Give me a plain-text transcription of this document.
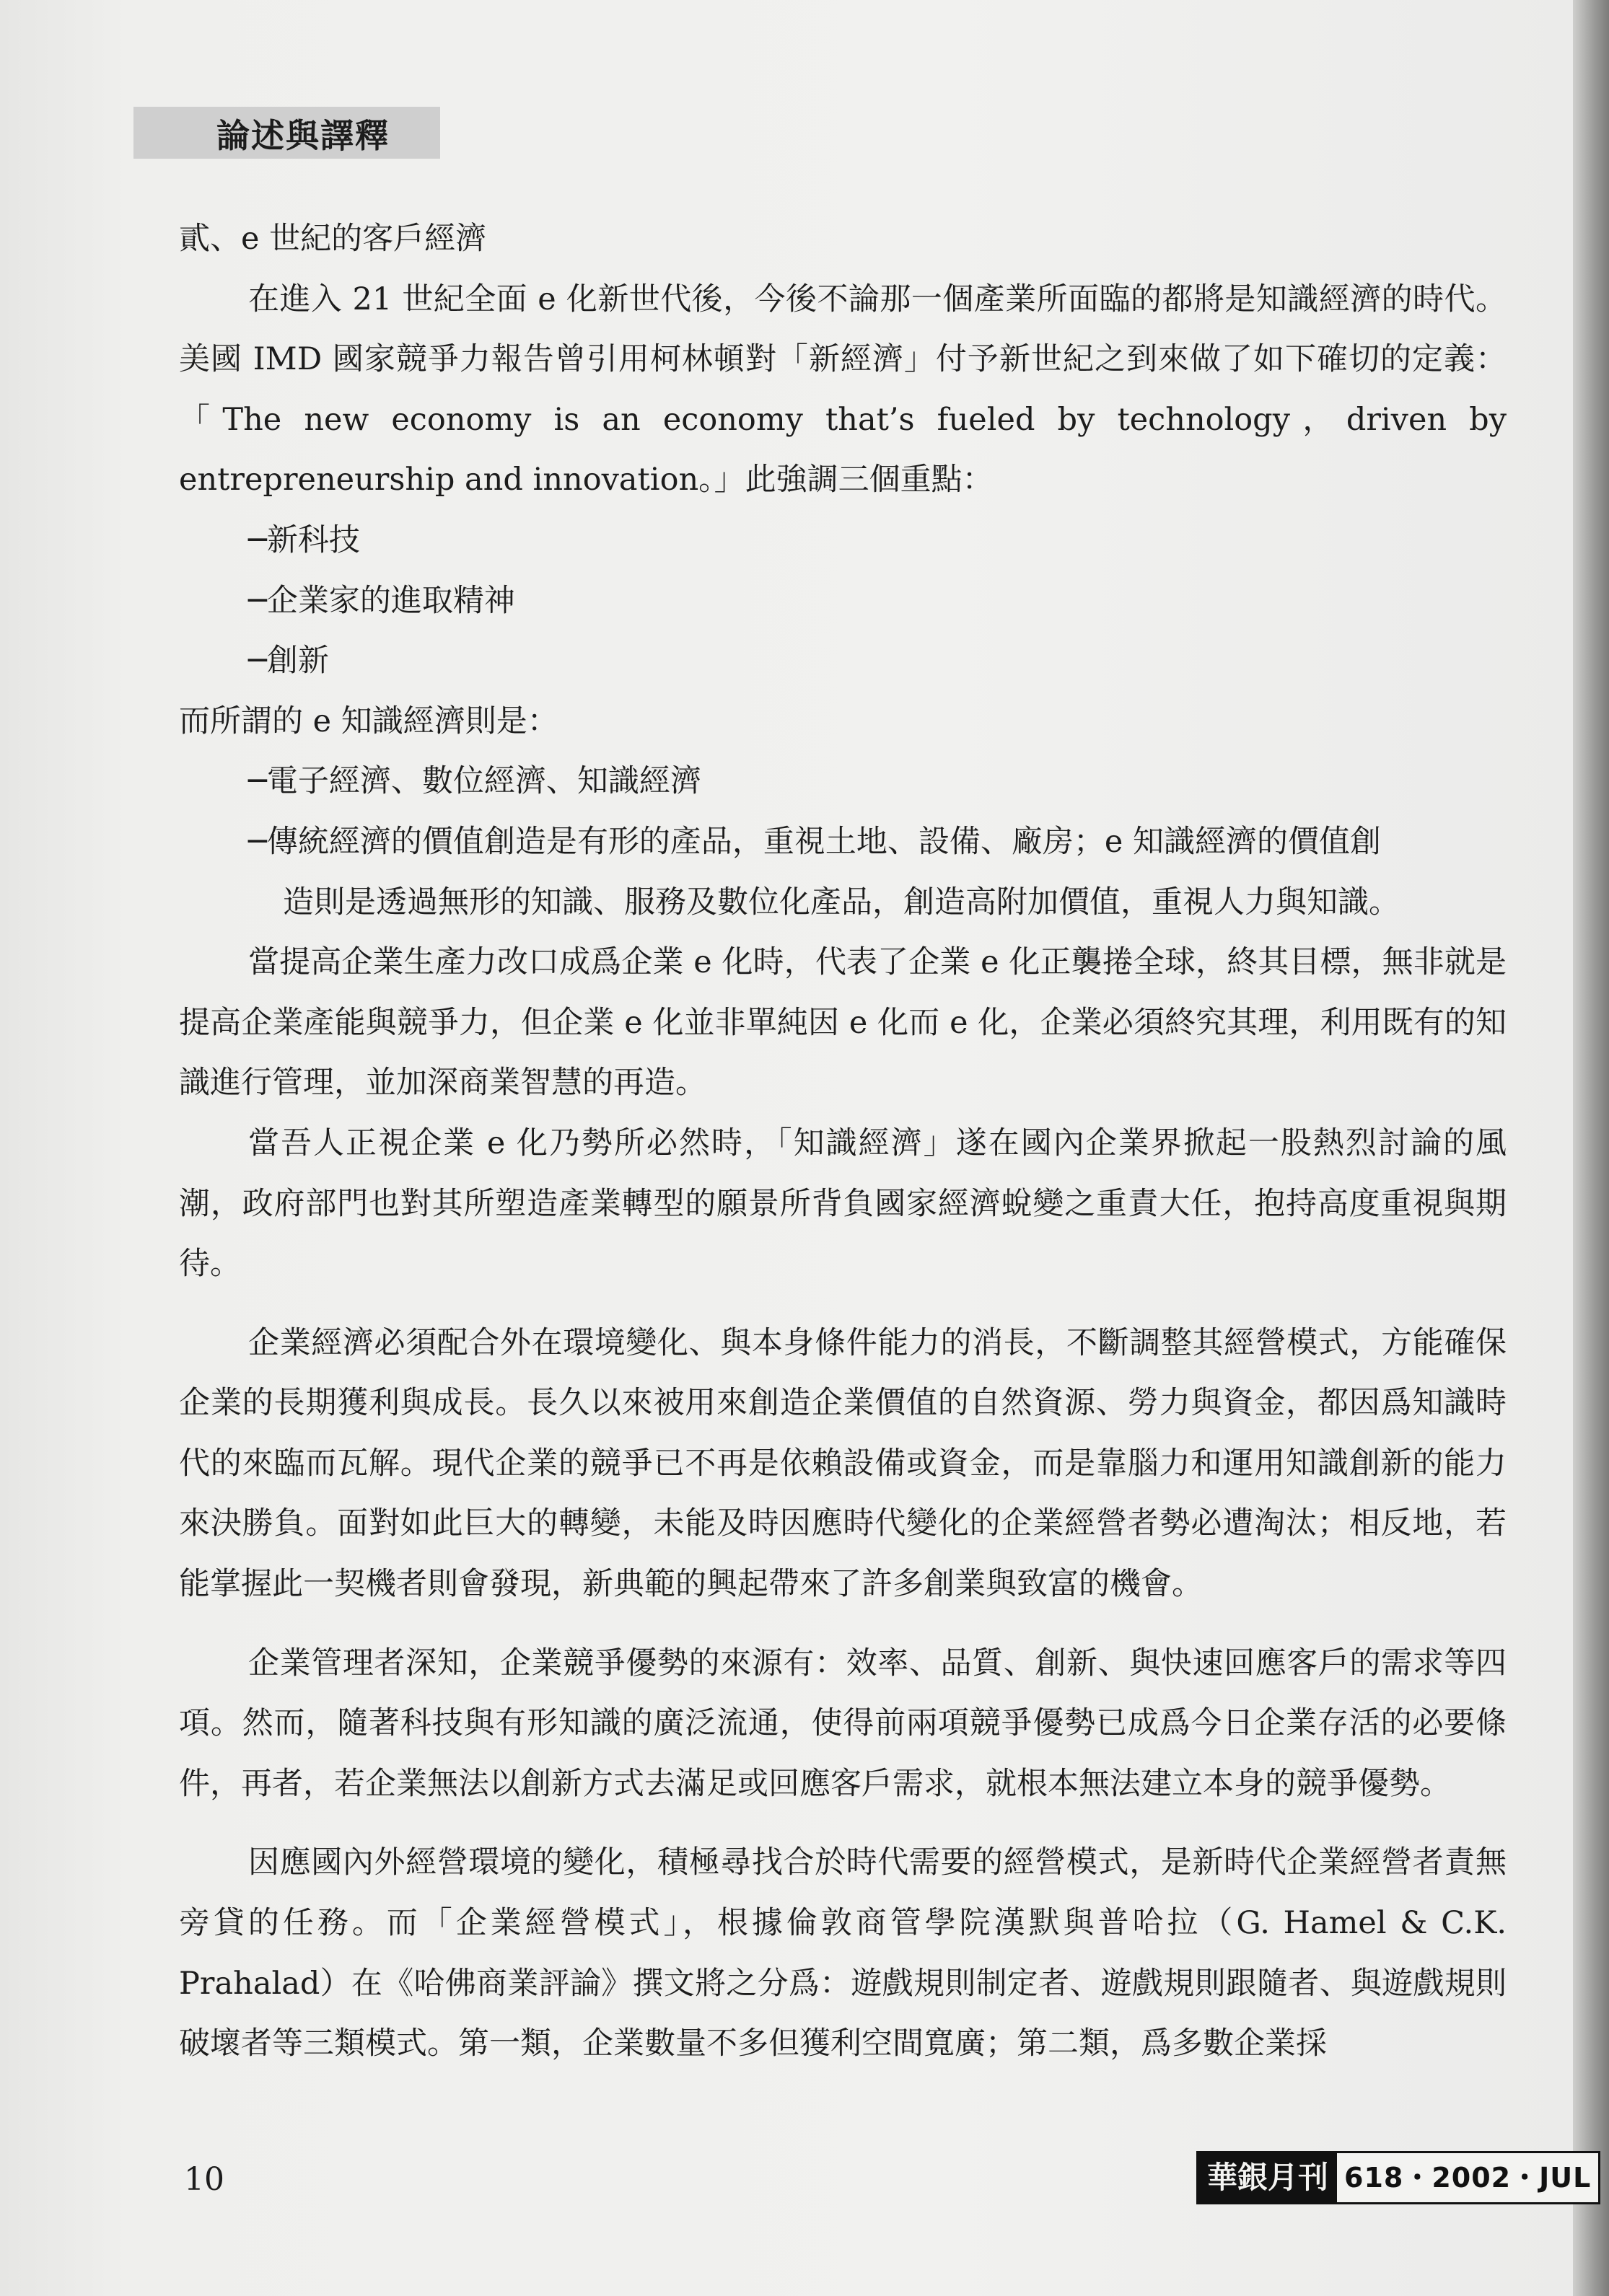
論述與譯釋

貳、e 世紀的客戶經濟

在進入 21 世紀全面 e 化新世代後，今後不論那一個產業所面臨的都將是知識經濟的時代。美國 IMD 國家競爭力報告曾引用柯林頓對「新經濟」付予新世紀之到來做了如下確切的定義：「The new economy is an economy that’s fueled by technology，driven by entrepreneurship and innovation。」此強調三個重點：

─新科技

─企業家的進取精神

─創新

而所謂的 e 知識經濟則是：

─電子經濟、數位經濟、知識經濟

─傳統經濟的價值創造是有形的產品，重視土地、設備、廠房；e 知識經濟的價值創
造則是透過無形的知識、服務及數位化產品，創造高附加價值，重視人力與知識。

當提高企業生產力改口成爲企業 e 化時，代表了企業 e 化正襲捲全球，終其目標，無非就是提高企業產能與競爭力，但企業 e 化並非單純因 e 化而 e 化，企業必須終究其理，利用既有的知識進行管理，並加深商業智慧的再造。

當吾人正視企業 e 化乃勢所必然時，「知識經濟」遂在國內企業界掀起一股熱烈討論的風潮，政府部門也對其所塑造產業轉型的願景所背負國家經濟蛻變之重責大任，抱持高度重視與期待。

企業經濟必須配合外在環境變化、與本身條件能力的消長，不斷調整其經營模式，方能確保企業的長期獲利與成長。長久以來被用來創造企業價值的自然資源、勞力與資金，都因爲知識時代的來臨而瓦解。現代企業的競爭已不再是依賴設備或資金，而是靠腦力和運用知識創新的能力來決勝負。面對如此巨大的轉變，未能及時因應時代變化的企業經營者勢必遭淘汰；相反地，若能掌握此一契機者則會發現，新典範的興起帶來了許多創業與致富的機會。

企業管理者深知，企業競爭優勢的來源有：效率、品質、創新、與快速回應客戶的需求等四項。然而，隨著科技與有形知識的廣泛流通，使得前兩項競爭優勢已成爲今日企業存活的必要條件，再者，若企業無法以創新方式去滿足或回應客戶需求，就根本無法建立本身的競爭優勢。

因應國內外經營環境的變化，積極尋找合於時代需要的經營模式，是新時代企業經營者責無旁貸的任務。而「企業經營模式」，根據倫敦商管學院漢默與普哈拉（G. Hamel & C.K. Prahalad）在《哈佛商業評論》撰文將之分爲：遊戲規則制定者、遊戲規則跟隨者、與遊戲規則破壞者等三類模式。第一類，企業數量不多但獲利空間寬廣；第二類，爲多數企業採

10	華銀月刊 618・2002・JUL
